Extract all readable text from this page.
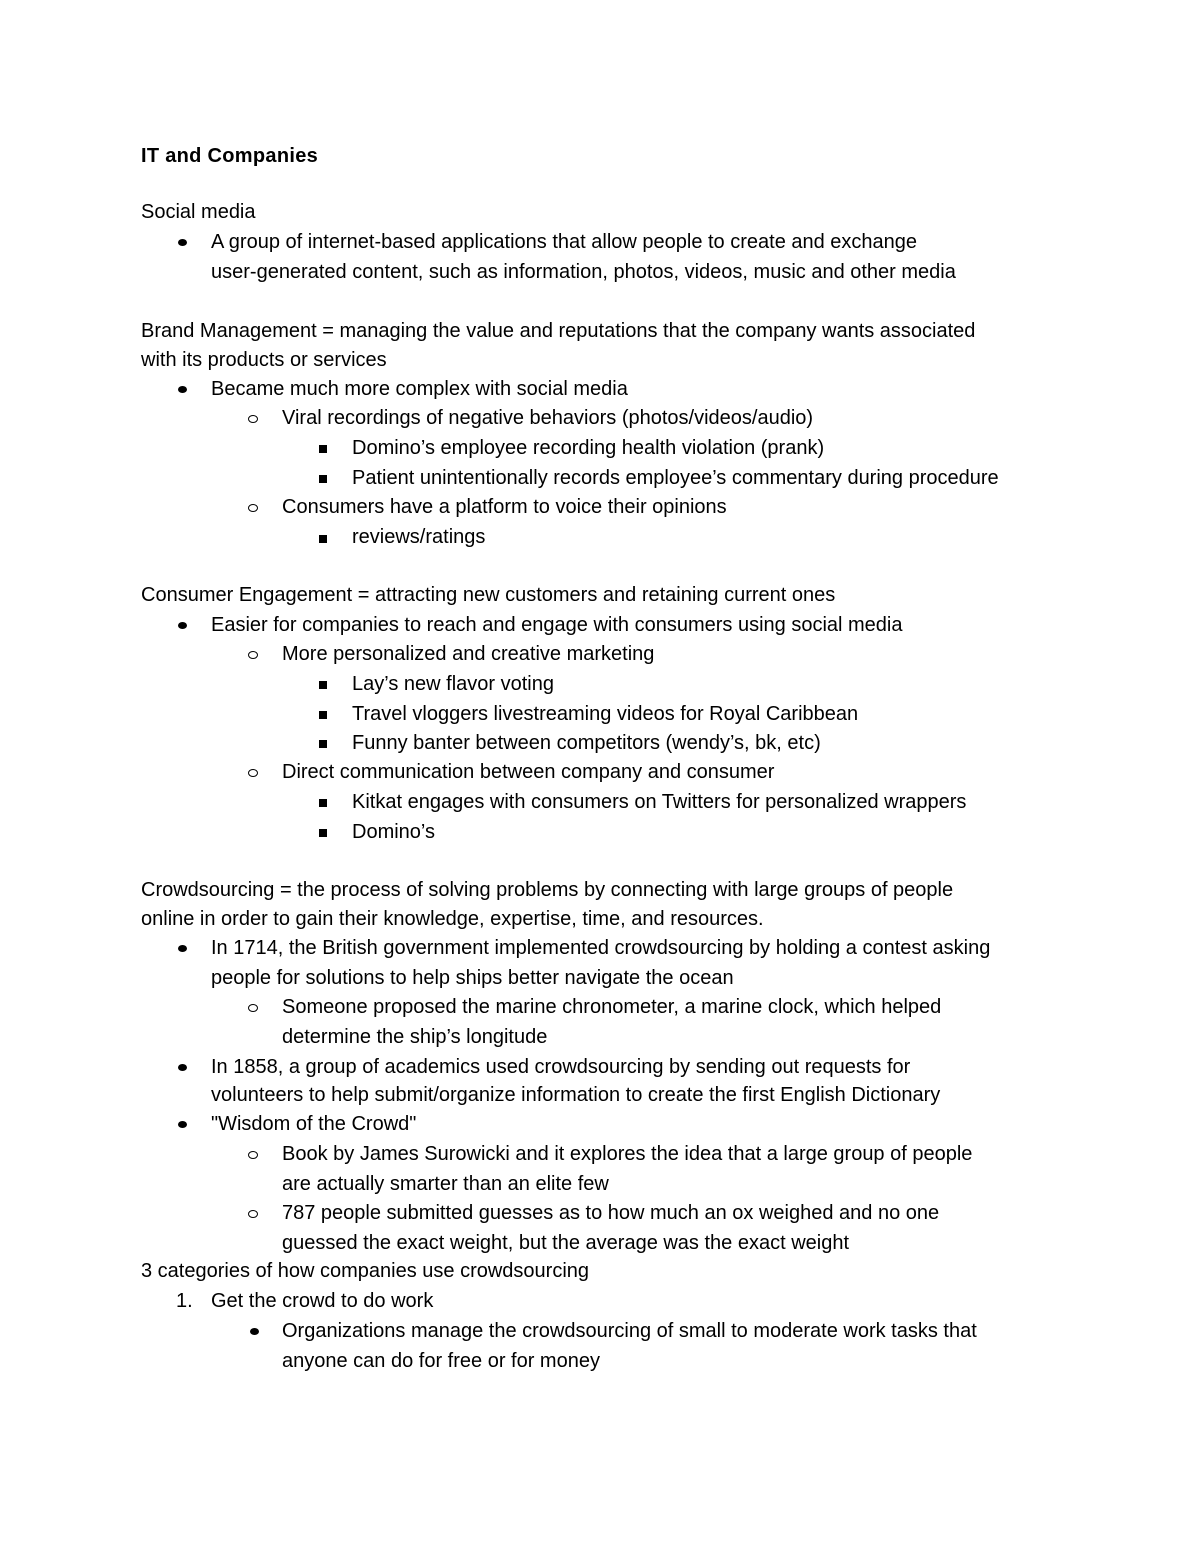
IT and Companies
Social media
A group of internet-based applications that allow people to create and exchange
user-generated content, such as information, photos, videos, music and other media
Brand Management = managing the value and reputations that the company wants associated
with its products or services
Became much more complex with social media
Viral recordings of negative behaviors (photos/videos/audio)
Domino’s employee recording health violation (prank)
Patient unintentionally records employee’s commentary during procedure
Consumers have a platform to voice their opinions
reviews/ratings
Consumer Engagement = attracting new customers and retaining current ones
Easier for companies to reach and engage with consumers using social media
More personalized and creative marketing
Lay’s new flavor voting
Travel vloggers livestreaming videos for Royal Caribbean
Funny banter between competitors (wendy’s, bk, etc)
Direct communication between company and consumer
Kitkat engages with consumers on Twitters for personalized wrappers
Domino’s
Crowdsourcing = the process of solving problems by connecting with large groups of people
online in order to gain their knowledge, expertise, time, and resources.
In 1714, the British government implemented crowdsourcing by holding a contest asking
people for solutions to help ships better navigate the ocean
Someone proposed the marine chronometer, a marine clock, which helped
determine the ship’s longitude
In 1858, a group of academics used crowdsourcing by sending out requests for
volunteers to help submit/organize information to create the first English Dictionary
"Wisdom of the Crowd"
Book by James Surowicki and it explores the idea that a large group of people
are actually smarter than an elite few
787 people submitted guesses as to how much an ox weighed and no one
guessed the exact weight, but the average was the exact weight
3 categories of how companies use crowdsourcing
1. Get the crowd to do work
Organizations manage the crowdsourcing of small to moderate work tasks that
anyone can do for free or for money
